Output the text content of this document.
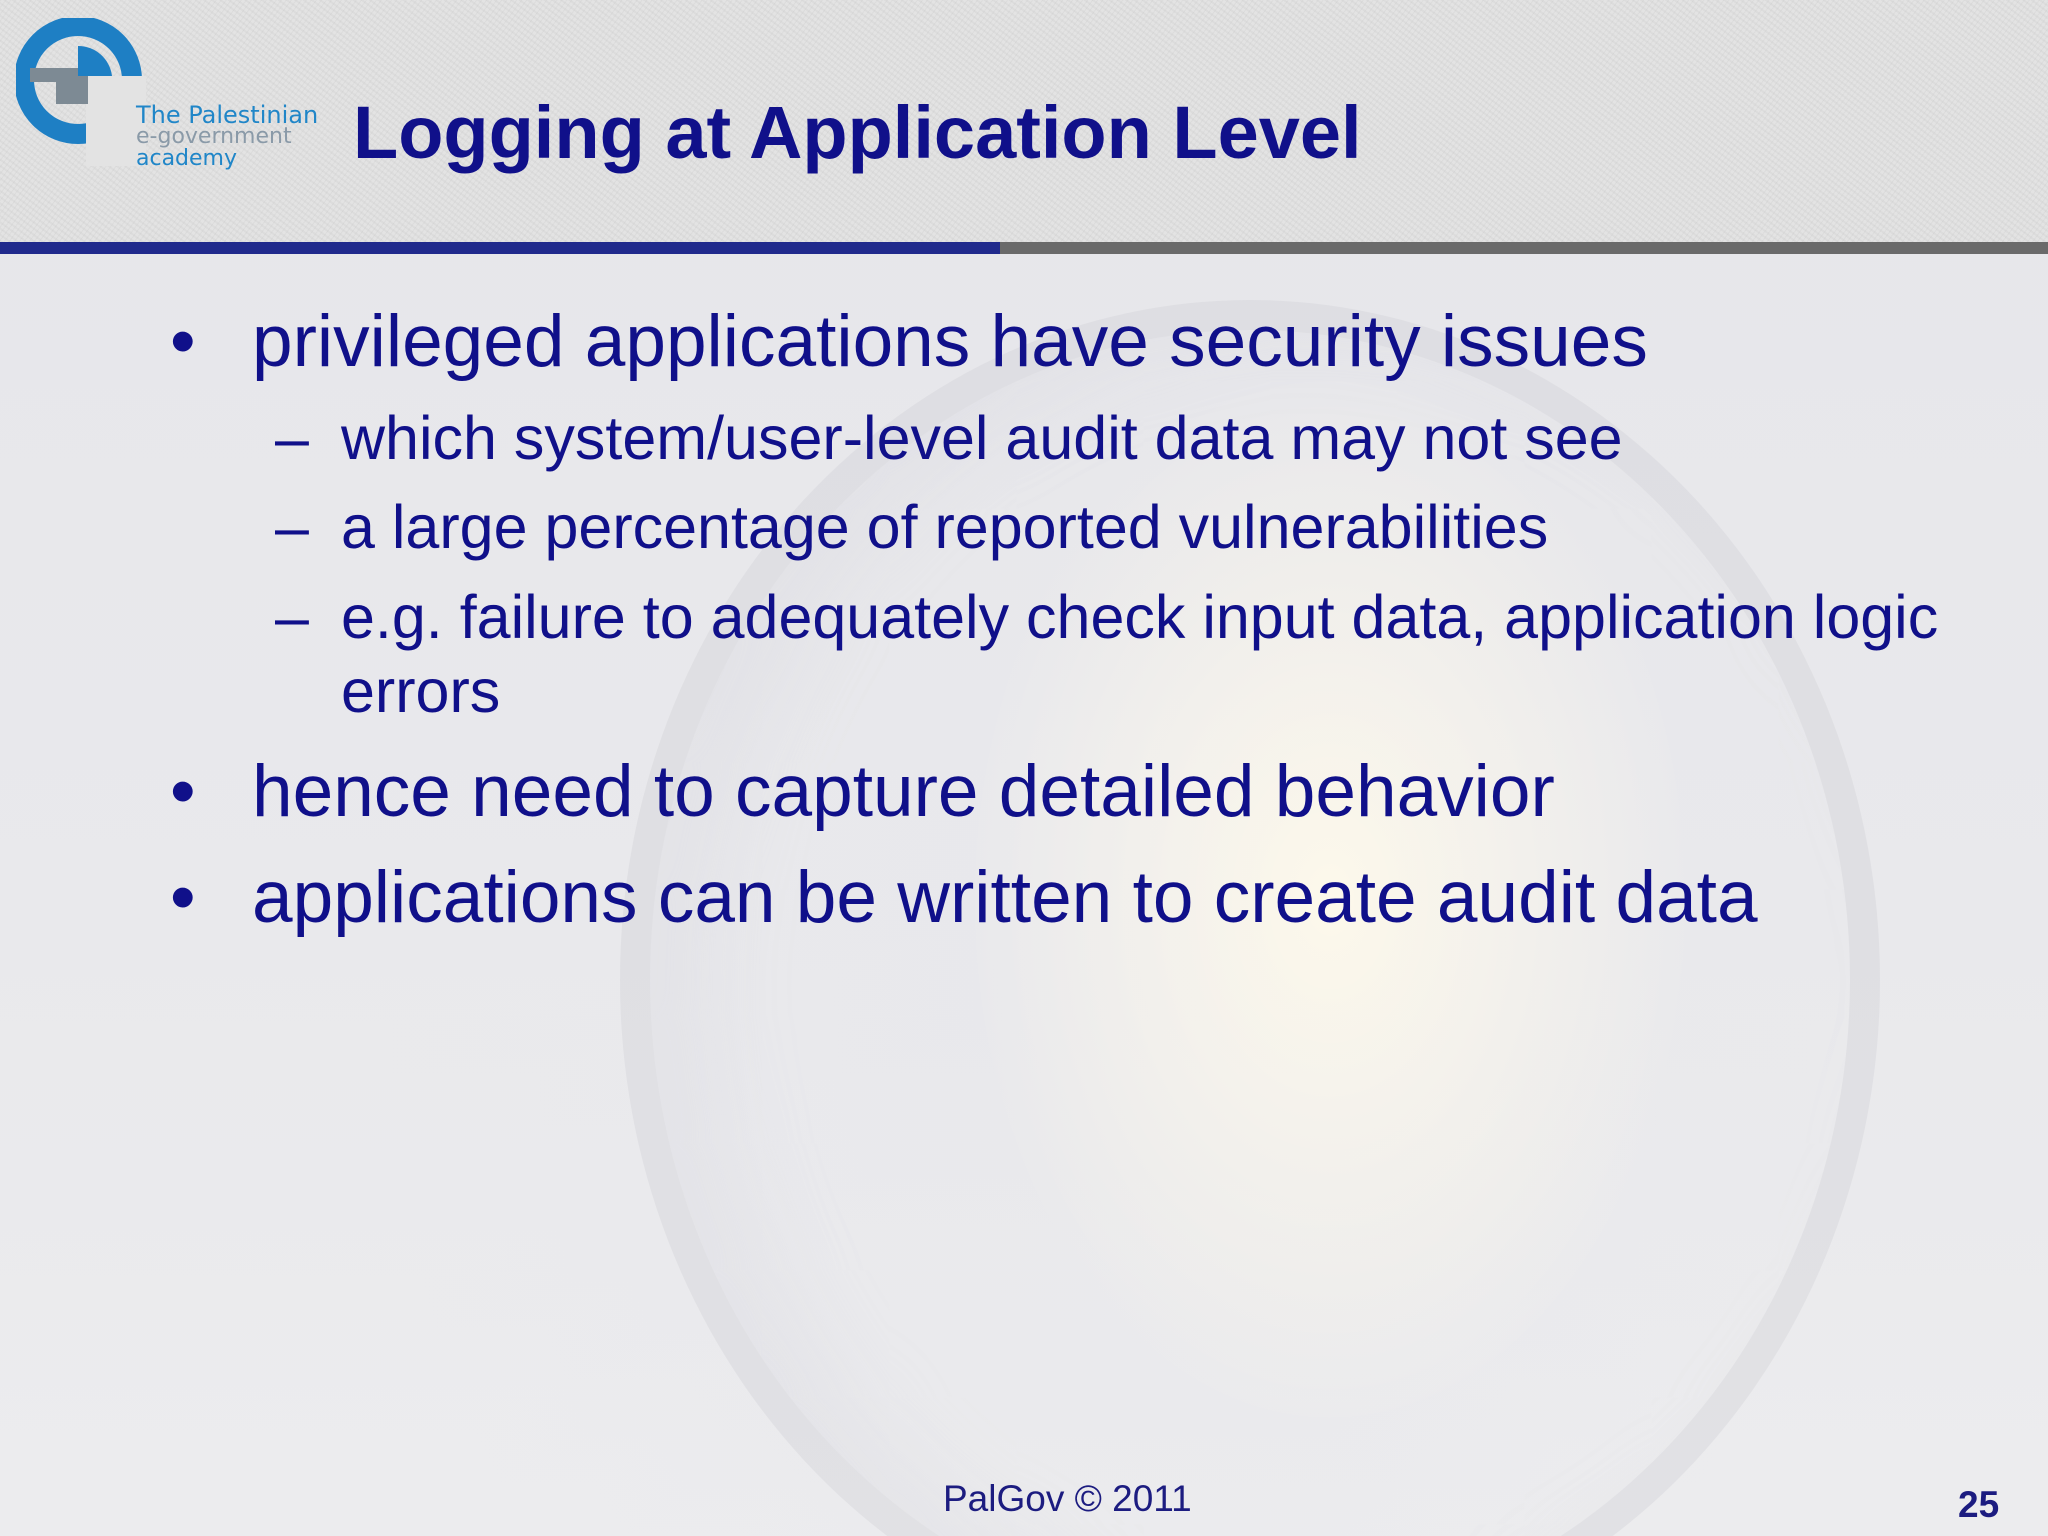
The Palestinian
e-government
academy	Logging at Application Level
• privileged applications have security issues
– which system/user-level audit data may not see
– a large percentage of reported vulnerabilities
– e.g. failure to adequately check input data, application logic errors
• hence need to capture detailed behavior
• applications can be written to create audit data
PalGov © 2011	25
